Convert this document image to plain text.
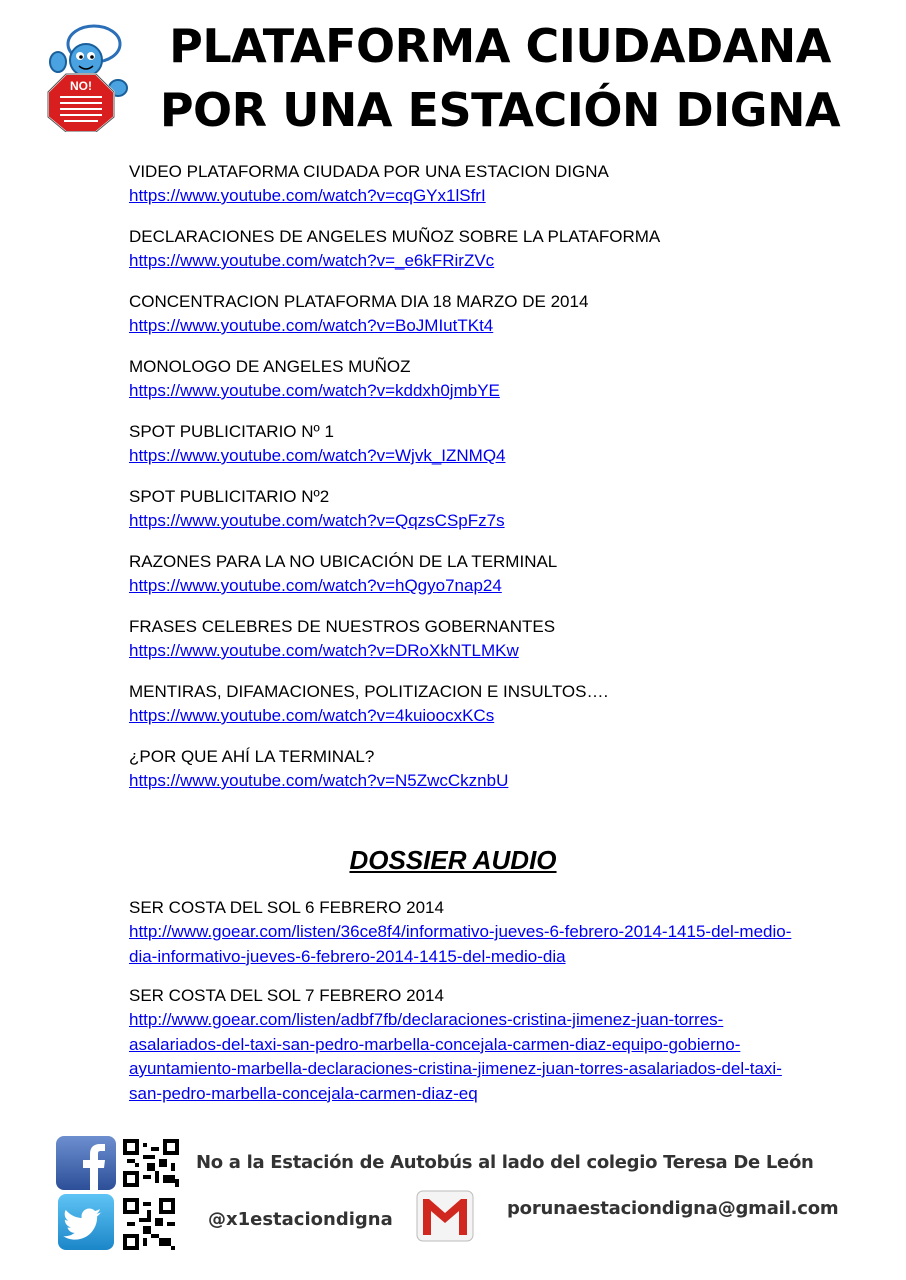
NO!
PLATAFORMA CIUDADANA
POR UNA ESTACIÓN DIGNA
VIDEO PLATAFORMA CIUDADA POR UNA ESTACION DIGNA
https://www.youtube.com/watch?v=cqGYx1lSfrI
DECLARACIONES DE ANGELES MUÑOZ SOBRE LA PLATAFORMA
https://www.youtube.com/watch?v=_e6kFRirZVc
CONCENTRACION PLATAFORMA DIA 18 MARZO DE 2014
https://www.youtube.com/watch?v=BoJMIutTKt4
MONOLOGO DE ANGELES MUÑOZ
https://www.youtube.com/watch?v=kddxh0jmbYE
SPOT PUBLICITARIO Nº 1
https://www.youtube.com/watch?v=Wjvk_IZNMQ4
SPOT PUBLICITARIO Nº2
https://www.youtube.com/watch?v=QqzsCSpFz7s
RAZONES PARA LA NO UBICACIÓN DE LA TERMINAL
https://www.youtube.com/watch?v=hQgyo7nap24
FRASES CELEBRES DE NUESTROS GOBERNANTES
https://www.youtube.com/watch?v=DRoXkNTLMKw
MENTIRAS, DIFAMACIONES, POLITIZACION E INSULTOS….
https://www.youtube.com/watch?v=4kuioocxKCs
¿POR QUE AHÍ LA TERMINAL?
https://www.youtube.com/watch?v=N5ZwcCkznbU
DOSSIER AUDIO
SER COSTA DEL SOL 6 FEBRERO 2014
http://www.goear.com/listen/36ce8f4/informativo-jueves-6-febrero-2014-1415-del-medio-dia-informativo-jueves-6-febrero-2014-1415-del-medio-dia
SER COSTA DEL SOL 7 FEBRERO 2014
http://www.goear.com/listen/adbf7fb/declaraciones-cristina-jimenez-juan-torres-asalariados-del-taxi-san-pedro-marbella-concejala-carmen-diaz-equipo-gobierno-ayuntamiento-marbella-declaraciones-cristina-jimenez-juan-torres-asalariados-del-taxi-san-pedro-marbella-concejala-carmen-diaz-eq
No a la Estación de Autobús al lado del colegio Teresa De León
@x1estaciondigna
porunaestaciondigna@gmail.com
